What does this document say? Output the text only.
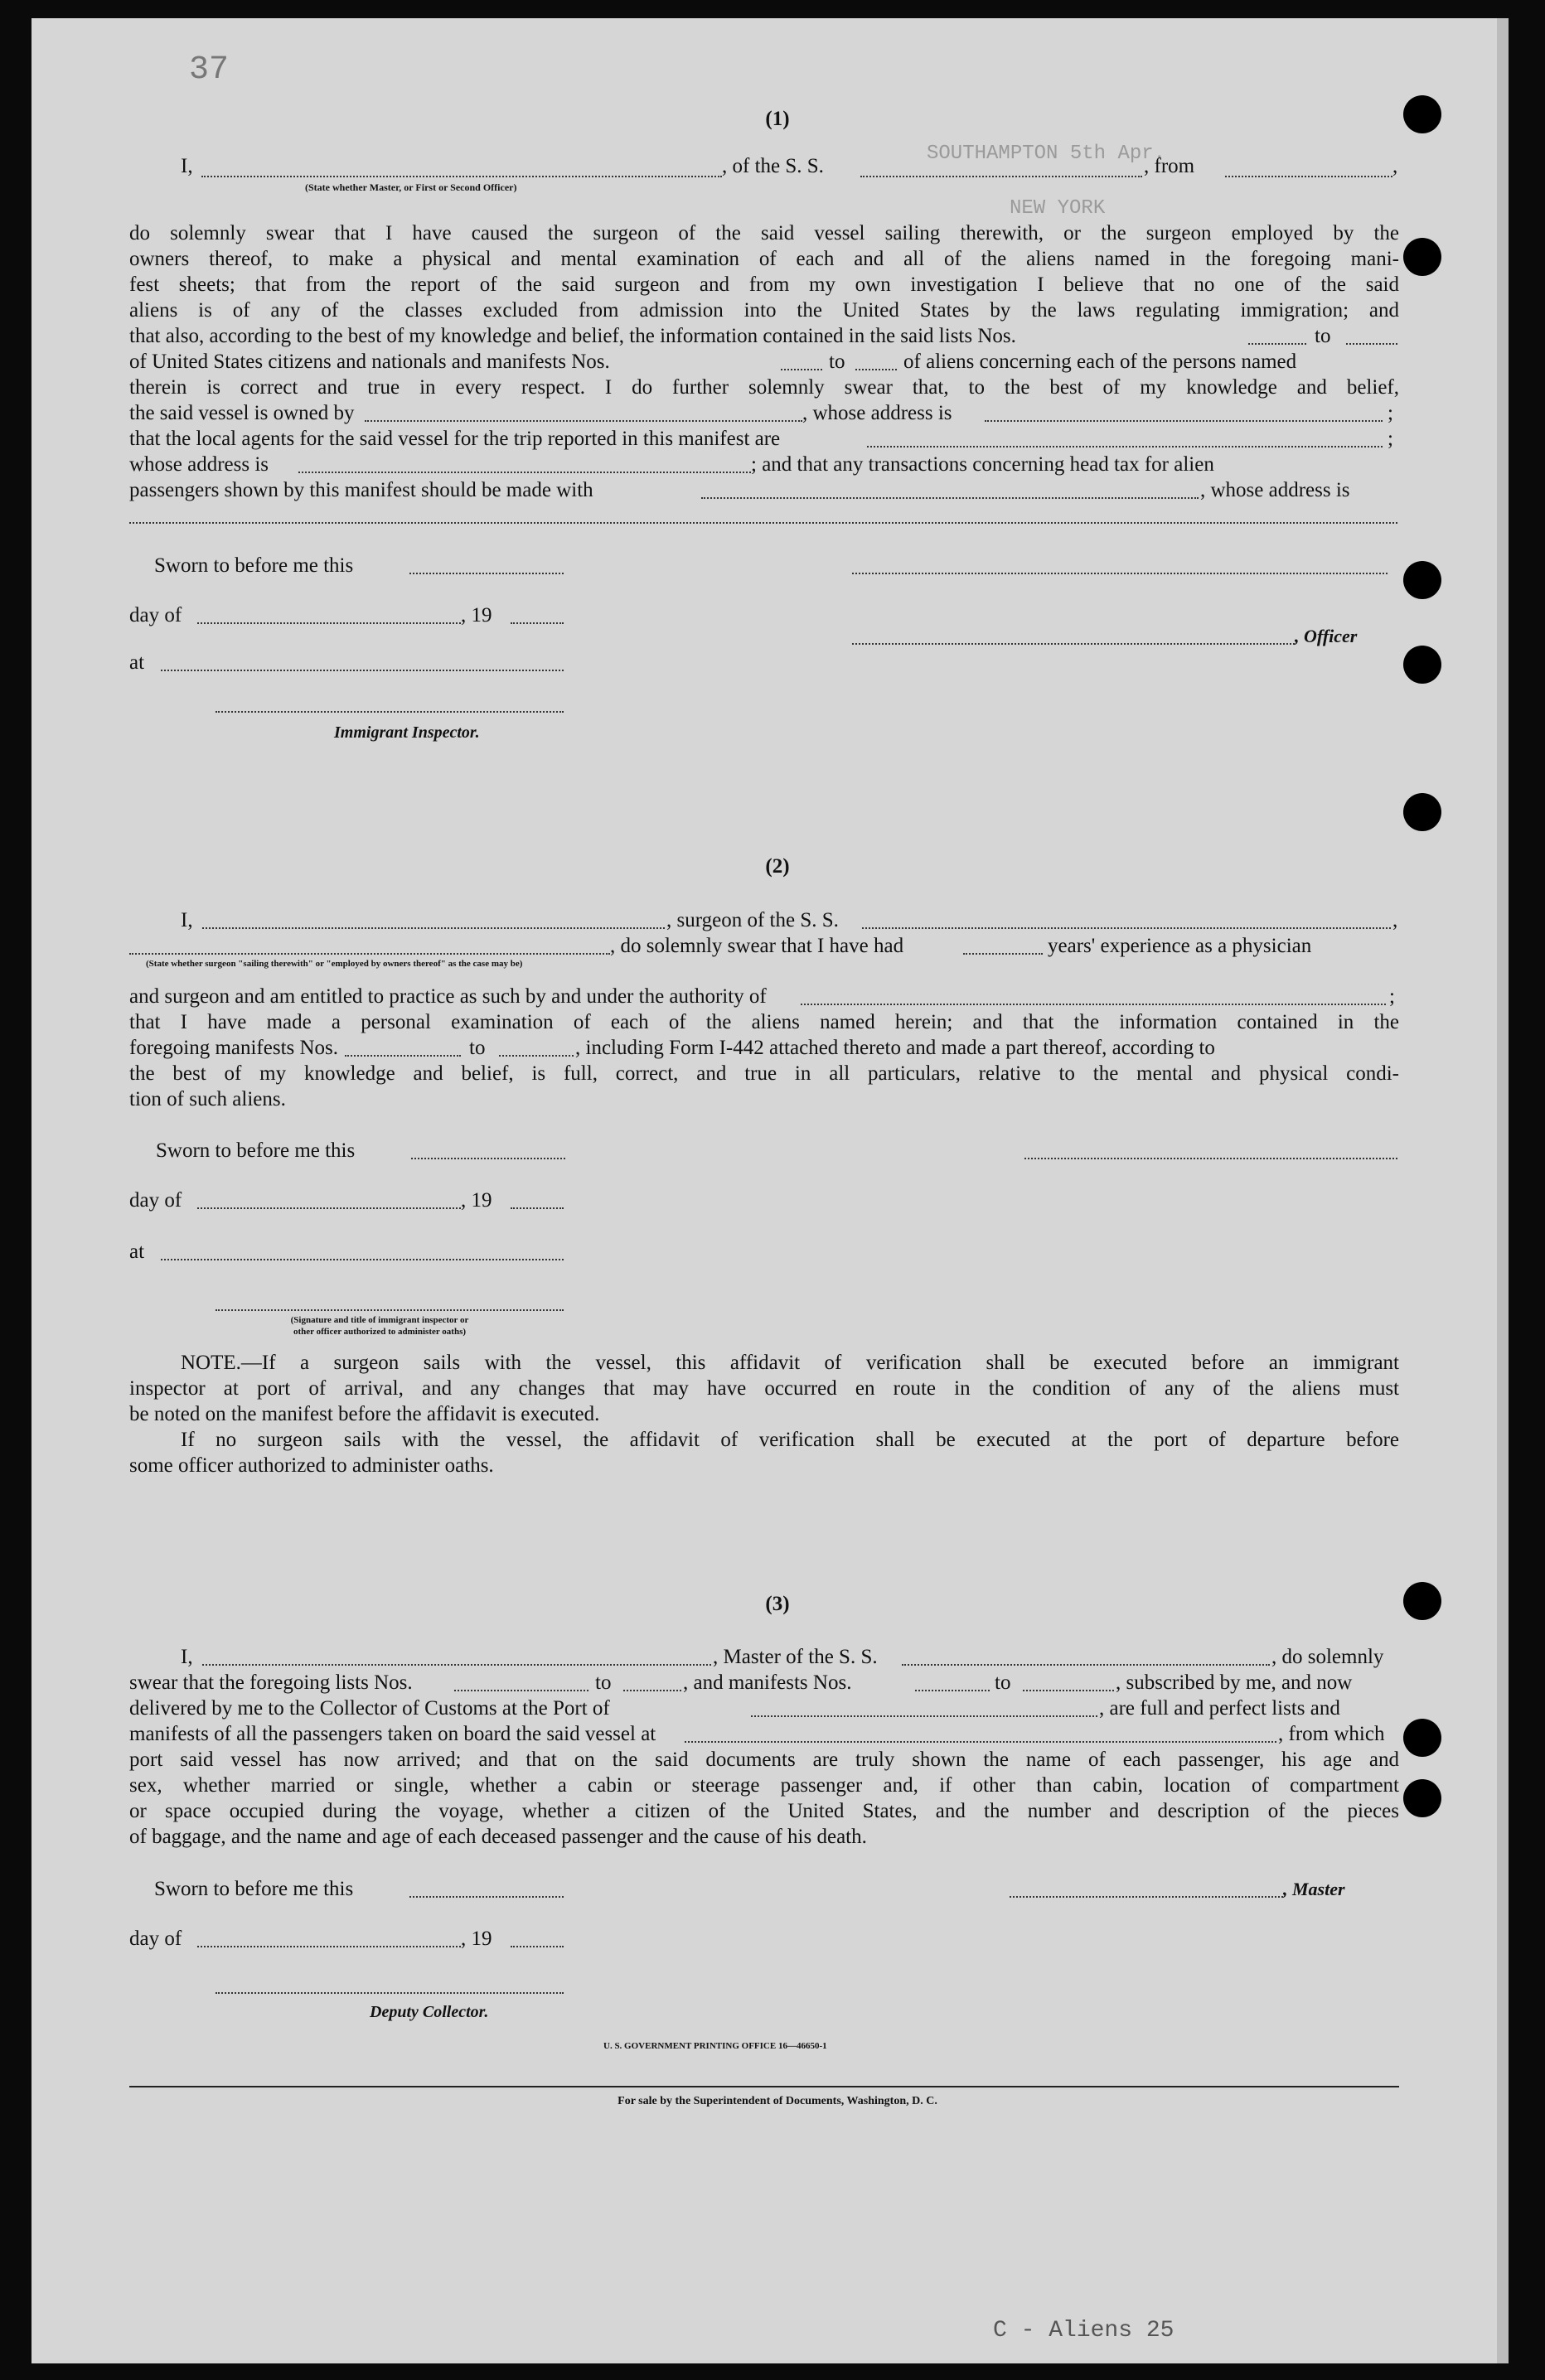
37
SOUTHAMPTON 5th Apr.
NEW YORK
C - Aliens 25
(1)
I,	, of the S. S.	, from	,
(State whether Master, or First or Second Officer)
do solemnly swear that I have caused the surgeon of the said vessel sailing therewith, or the surgeon employed by the
owners thereof, to make a physical and mental examination of each and all of the aliens named in the foregoing mani-
fest sheets; that from the report of the said surgeon and from my own investigation I believe that no one of the said
aliens is of any of the classes excluded from admission into the United States by the laws regulating immigration; and
that also, according to the best of my knowledge and belief, the information contained in the said lists Nos.	to
of United States citizens and nationals and manifests Nos.	to	of aliens concerning each of the persons named
therein is correct and true in every respect. I do further solemnly swear that, to the best of my knowledge and belief,
the said vessel is owned by	, whose address is	;
that the local agents for the said vessel for the trip reported in this manifest are	;
whose address is	; and that any transactions concerning head tax for alien
passengers shown by this manifest should be made with	, whose address is
Sworn to before me this
day of	, 19
, Officer
at
Immigrant Inspector.
(2)
I,	, surgeon of the S. S.	,
, do solemnly swear that I have had	years' experience as a physician
(State whether surgeon "sailing therewith" or "employed by owners thereof" as the case may be)
and surgeon and am entitled to practice as such by and under the authority of	;
that I have made a personal examination of each of the aliens named herein; and that the information contained in the
foregoing manifests Nos.	to	, including Form I-442 attached thereto and made a part thereof, according to
the best of my knowledge and belief, is full, correct, and true in all particulars, relative to the mental and physical condi-
tion of such aliens.
Sworn to before me this
day of	, 19
at
(Signature and title of immigrant inspector or
other officer authorized to administer oaths)
NOTE.—If a surgeon sails with the vessel, this affidavit of verification shall be executed before an immigrant
inspector at port of arrival, and any changes that may have occurred en route in the condition of any of the aliens must
be noted on the manifest before the affidavit is executed.
If no surgeon sails with the vessel, the affidavit of verification shall be executed at the port of departure before
some officer authorized to administer oaths.
(3)
I,	, Master of the S. S.	, do solemnly
swear that the foregoing lists Nos.	to	, and manifests Nos.	to	, subscribed by me, and now
delivered by me to the Collector of Customs at the Port of	, are full and perfect lists and
manifests of all the passengers taken on board the said vessel at	, from which
port said vessel has now arrived; and that on the said documents are truly shown the name of each passenger, his age and
sex, whether married or single, whether a cabin or steerage passenger and, if other than cabin, location of compartment
or space occupied during the voyage, whether a citizen of the United States, and the number and description of the pieces
of baggage, and the name and age of each deceased passenger and the cause of his death.
Sworn to before me this	, Master
day of	, 19
Deputy Collector.
U. S. GOVERNMENT PRINTING OFFICE 16—46650-1
For sale by the Superintendent of Documents, Washington, D. C.
